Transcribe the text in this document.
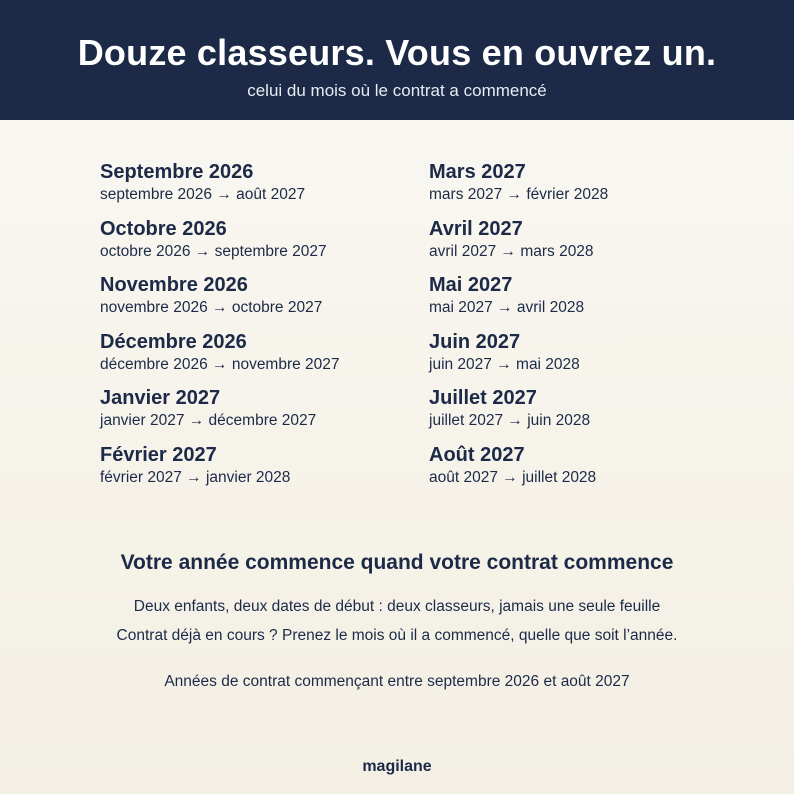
Douze classeurs. Vous en ouvrez un.
celui du mois où le contrat a commencé
Septembre 2026
septembre 2026 → août 2027
Octobre 2026
octobre 2026 → septembre 2027
Novembre 2026
novembre 2026 → octobre 2027
Décembre 2026
décembre 2026 → novembre 2027
Janvier 2027
janvier 2027 → décembre 2027
Février 2027
février 2027 → janvier 2028
Mars 2027
mars 2027 → février 2028
Avril 2027
avril 2027 → mars 2028
Mai 2027
mai 2027 → avril 2028
Juin 2027
juin 2027 → mai 2028
Juillet 2027
juillet 2027 → juin 2028
Août 2027
août 2027 → juillet 2028
Votre année commence quand votre contrat commence
Deux enfants, deux dates de début : deux classeurs, jamais une seule feuille
Contrat déjà en cours ? Prenez le mois où il a commencé, quelle que soit l’année.
Années de contrat commençant entre septembre 2026 et août 2027
magilane
